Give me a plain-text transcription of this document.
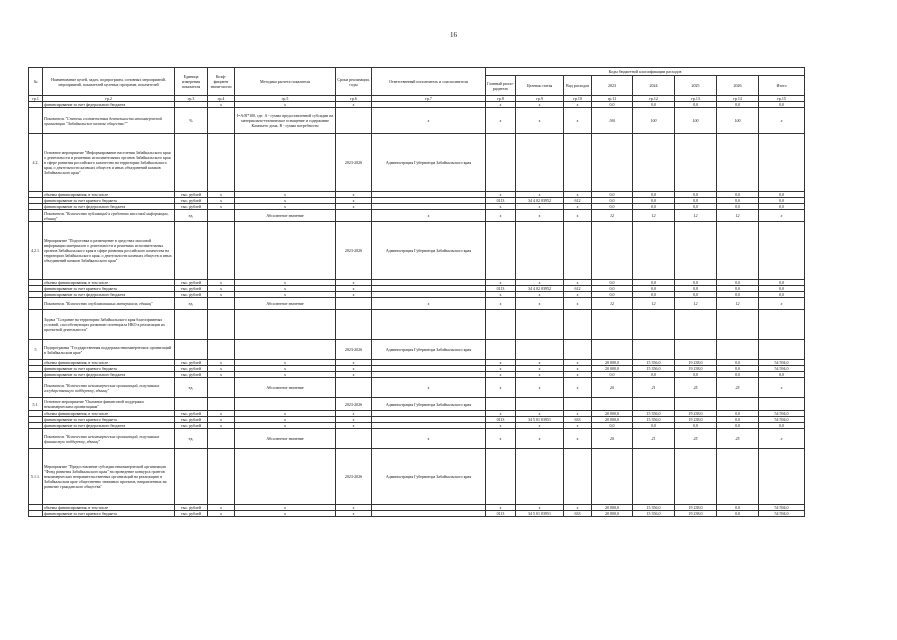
16
№	Наименование целей, задач, подпрограмм, основных мероприятий, мероприятий, показателей целевых программ, показателей	Единица измерения показателя	Коэф-фициент значи-мости	Методика расчета показателя	Сроки реализации, годы	Ответственный исполнитель и соисполнители	Коды бюджетной классификации расходов							
							Главный распо-рядитель	Целевая статья	Вид расходов	2023	2024	2025	2026	Итого
гр.1	гр.2	гр.3	гр.4	гр.5	гр.6	гр.7	гр.8	гр.9	гр.10	гр.11	гр.12	гр.13	гр.14	гр.15
	финансирование за счет федерального бюджета		x	x	x		x	x	x	0,0	0,0	0,0	0,0	0,0
	Показатель "Степень соответствия деятельности некоммерческой организации "Забайкальское казачье общество""	%		I=A/B*100, где: A - сумма предоставленной субсидии на материально-техническое оснащение и содержание Казачьего дома, B - сумма потребности		x	x	x	x	100	100	100	100	x
4.2.	Основное мероприятие "Информирование населения Забайкальского края о деятельности и решениях исполнительных органов Забайкальского края в сфере развития российского казачества на территории Забайкальского края, о деятельности казачьих обществ и иных объединений казаков Забайкальского края"				2023-2026	Администрация Губернатора Забайкальского края								
	объемы финансирования, в том числе	тыс. рублей	x	x	x		x	x	x	0,0	0,0	0,0	0,0	0,0
	финансирование за счет краевого бюджета	тыс. рублей	x	x	x		0113	34 4 02 03952	612	0,0	0,0	0,0	0,0	0,0
	финансирование за счет федерального бюджета	тыс. рублей	x	x	x		x	x	x	0,0	0,0	0,0	0,0	0,0
	Показатель "Количество публикаций в средствах массовой информации, единиц"	ед.		Абсолютное значение		x	x	x	x	12	12	12	12	x
4.2.1.	Мероприятие "Подготовка и размещение в средствах массовой информации материалов о деятельности и решениях исполнительных органов Забайкальского края в сфере развития российского казачества на территории Забайкальского края, о деятельности казачьих обществ и иных объединений казаков Забайкальского края"				2023-2026	Администрация Губернатора Забайкальского края								
	объемы финансирования, в том числе	тыс. рублей	x	x	x		x	x	x	0,0	0,0	0,0	0,0	0,0
	финансирование за счет краевого бюджета	тыс. рублей	x	x	x		0113	34 4 02 03952	612	0,0	0,0	0,0	0,0	0,0
	финансирование за счет федерального бюджета	тыс. рублей	x	x	x		x	x	x	0,0	0,0	0,0	0,0	0,0
	Показатель "Количество опубликованных материалов, единиц"	ед.		Абсолютное значение		x	x	x	x	12	12	12	12	x
	Задача "Создание на территории Забайкальского края благоприятных условий, способствующих развитию потенциала НКО в реализации их проектной деятельности"													
5	Подпрограмма "Государственная поддержка некоммерческих организаций в Забайкальском крае"				2023-2026	Администрация Губернатора Забайкальского края								
	объемы финансирования, в том числе	тыс. рублей	x	x	x		x	x	x	20 000,0	15 356,0	19 238,0	0,0	54 594,0
	финансирование за счет краевого бюджета	тыс. рублей	x	x	x		x	x	x	20 000,0	15 356,0	19 238,0	0,0	54 594,0
	финансирование за счет федерального бюджета	тыс. рублей	x	x	x		x	x	x	0,0	0,0	0,0	0,0	0,0
	Показатель "Количество некоммерческих организаций, получивших государственную поддержку, единиц"	ед.		Абсолютное значение		x	x	x	x	20	21	25	25	x
5.1.	Основное мероприятие "Оказание финансовой поддержки некоммерческим организациям"				2023-2026	Администрация Губернатора Забайкальского края								
	объемы финансирования, в том числе	тыс. рублей	x	x	x		x	x	x	20 000,0	15 356,0	19 238,0	0,0	54 594,0
	финансирование за счет краевого бюджета	тыс. рублей	x	x	x		0113	34 5 01 03951	633	20 000,0	15 356,0	19 238,0	0,0	54 594,0
	финансирование за счет федерального бюджета	тыс. рублей	x	x	x		x	x	x	0,0	0,0	0,0	0,0	0,0
	Показатель "Количество некоммерческих организаций, получивших финансовую поддержку, единиц"	ед.		Абсолютное значение		x	x	x	x	20	21	25	25	x
5.1.1.	Мероприятие "Предоставление субсидии некоммерческой организации "Фонд развития Забайкальского края" на проведение конкурса грантов некоммерческих неправительственных организаций на реализацию в Забайкальском крае общественно значимых проектов, направленных на развитие гражданского общества"				2023-2026	Администрация Губернатора Забайкальского края								
	объемы финансирования, в том числе	тыс. рублей	x	x	x		x	x	x	20 000,0	15 356,0	19 238,0	0,0	54 594,0
	финансирование за счет краевого бюджета	тыс. рублей	x	x	x		0113	34 5 01 03951	633	20 000,0	15 356,0	19 238,0	0,0	54 594,0
